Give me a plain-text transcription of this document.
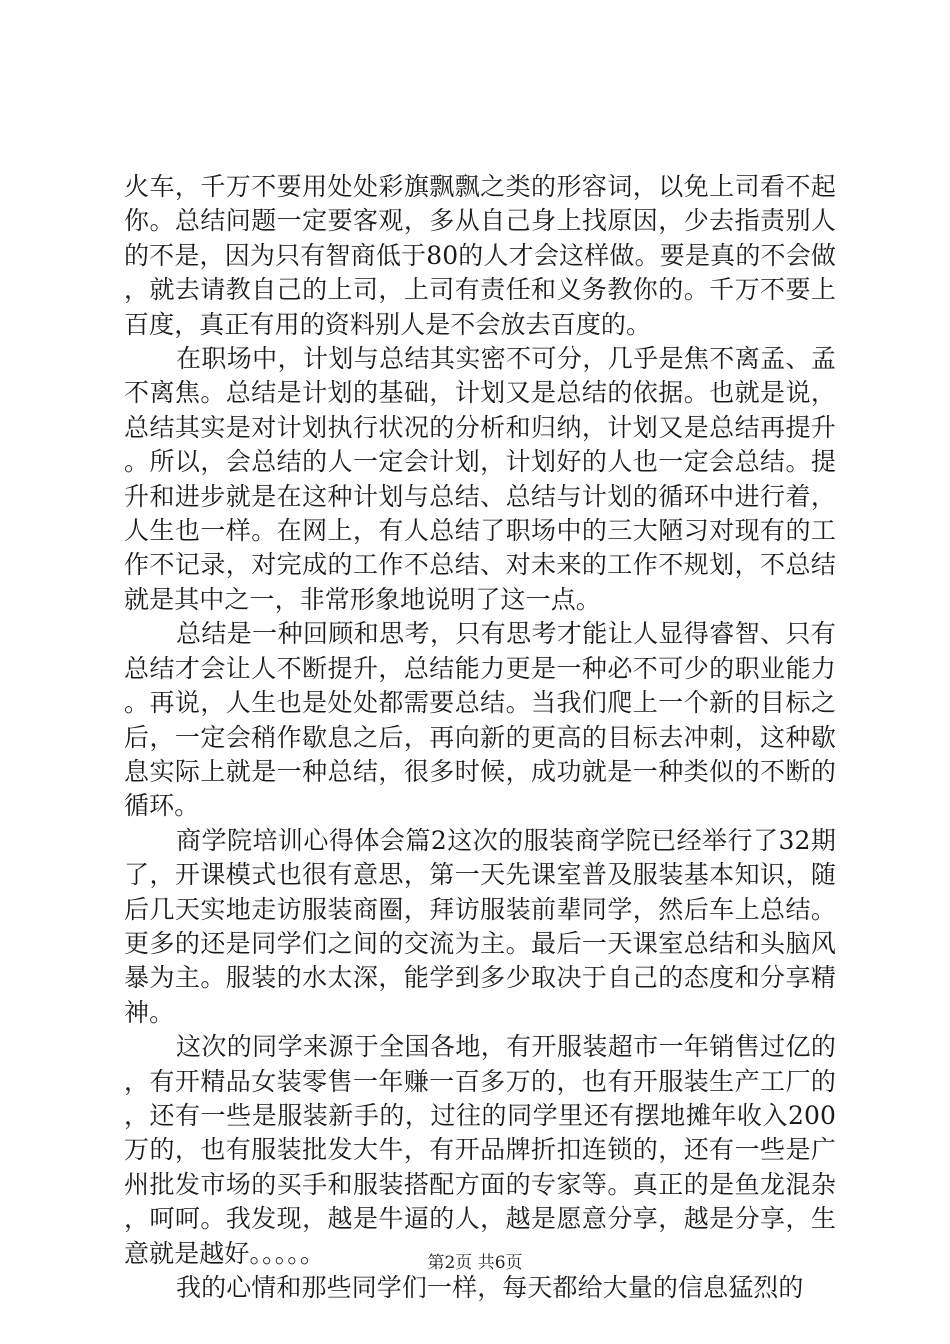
火车，千万不要用处处彩旗飘飘之类的形容词，以免上司看不起你。总结问题一定要客观，多从自己身上找原因，少去指责别人的不是，因为只有智商低于80的人才会这样做。要是真的不会做，就去请教自己的上司，上司有责任和义务教你的。千万不要上百度，真正有用的资料别人是不会放去百度的。

在职场中，计划与总结其实密不可分，几乎是焦不离孟、孟不离焦。总结是计划的基础，计划又是总结的依据。也就是说，总结其实是对计划执行状况的分析和归纳，计划又是总结再提升。所以，会总结的人一定会计划，计划好的人也一定会总结。提升和进步就是在这种计划与总结、总结与计划的循环中进行着，人生也一样。在网上，有人总结了职场中的三大陋习对现有的工作不记录，对完成的工作不总结、对未来的工作不规划，不总结就是其中之一，非常形象地说明了这一点。

总结是一种回顾和思考，只有思考才能让人显得睿智、只有总结才会让人不断提升，总结能力更是一种必不可少的职业能力。再说，人生也是处处都需要总结。当我们爬上一个新的目标之后，一定会稍作歇息之后，再向新的更高的目标去冲刺，这种歇息实际上就是一种总结，很多时候，成功就是一种类似的不断的循环。

商学院培训心得体会篇2这次的服装商学院已经举行了32期了，开课模式也很有意思，第一天先课室普及服装基本知识，随后几天实地走访服装商圈，拜访服装前辈同学，然后车上总结。更多的还是同学们之间的交流为主。最后一天课室总结和头脑风暴为主。服装的水太深，能学到多少取决于自己的态度和分享精神。

这次的同学来源于全国各地，有开服装超市一年销售过亿的，有开精品女装零售一年赚一百多万的，也有开服装生产工厂的，还有一些是服装新手的，过往的同学里还有摆地摊年收入200万的，也有服装批发大牛，有开品牌折扣连锁的，还有一些是广州批发市场的买手和服装搭配方面的专家等。真正的是鱼龙混杂，呵呵。我发现，越是牛逼的人，越是愿意分享，越是分享，生意就是越好。。。。。

我的心情和那些同学们一样，每天都给大量的信息猛烈的

第2页 共6页
